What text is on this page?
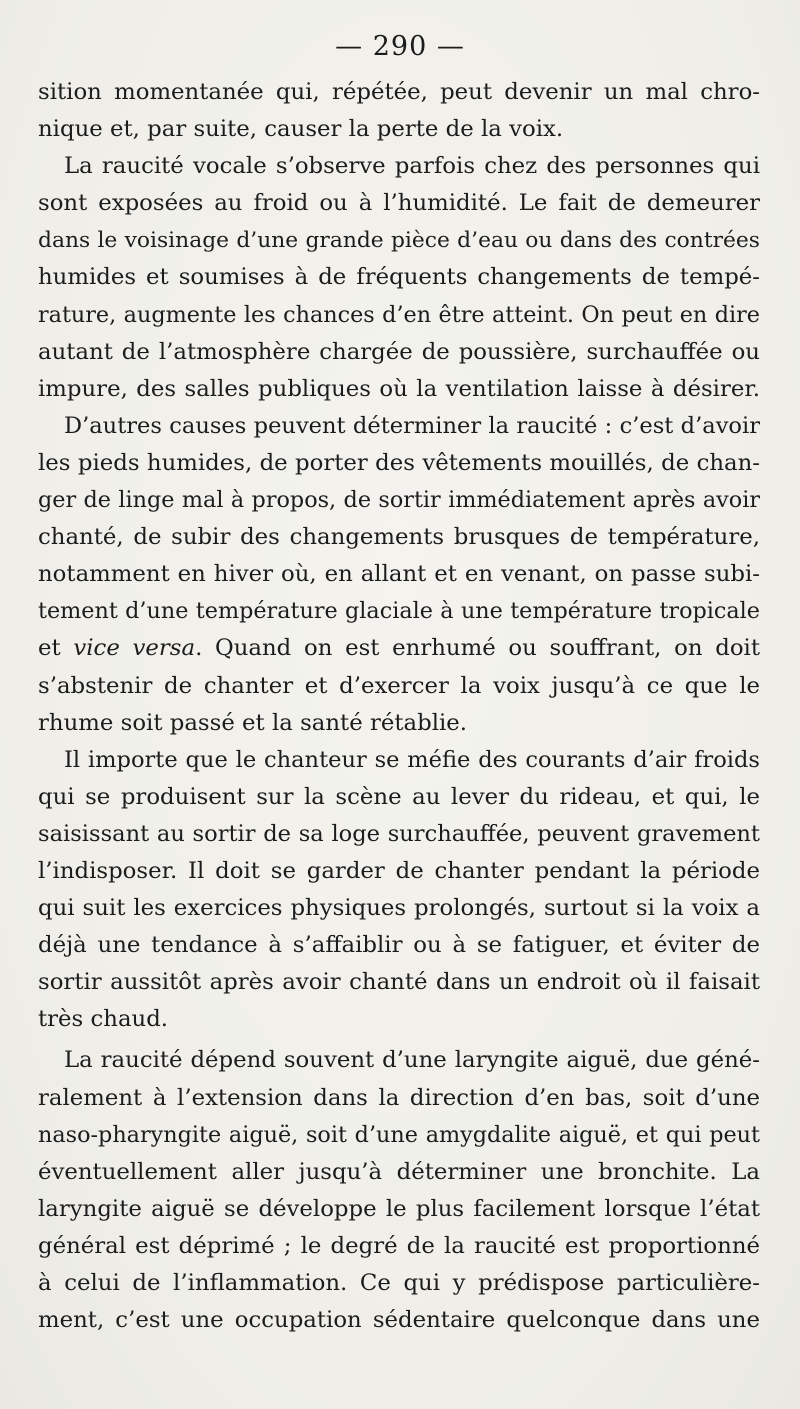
— 290 —
sition momentanée qui, répétée, peut devenir un mal chro-
nique et, par suite, causer la perte de la voix.
La raucité vocale s’observe parfois chez des personnes qui
sont exposées au froid ou à l’humidité. Le fait de demeurer
dans le voisinage d’une grande pièce d’eau ou dans des contrées
humides et soumises à de fréquents changements de tempé-
rature, augmente les chances d’en être atteint. On peut en dire
autant de l’atmosphère chargée de poussière, surchauffée ou
impure, des salles publiques où la ventilation laisse à désirer.
D’autres causes peuvent déterminer la raucité : c’est d’avoir
les pieds humides, de porter des vêtements mouillés, de chan-
ger de linge mal à propos, de sortir immédiatement après avoir
chanté, de subir des changements brusques de température,
notamment en hiver où, en allant et en venant, on passe subi-
tement d’une température glaciale à une température tropicale
et vice versa. Quand on est enrhumé ou souffrant, on doit
s’abstenir de chanter et d’exercer la voix jusqu’à ce que le
rhume soit passé et la santé rétablie.
Il importe que le chanteur se méfie des courants d’air froids
qui se produisent sur la scène au lever du rideau, et qui, le
saisissant au sortir de sa loge surchauffée, peuvent gravement
l’indisposer. Il doit se garder de chanter pendant la période
qui suit les exercices physiques prolongés, surtout si la voix a
déjà une tendance à s’affaiblir ou à se fatiguer, et éviter de
sortir aussitôt après avoir chanté dans un endroit où il faisait
très chaud.
La raucité dépend souvent d’une laryngite aiguë, due géné-
ralement à l’extension dans la direction d’en bas, soit d’une
naso-pharyngite aiguë, soit d’une amygdalite aiguë, et qui peut
éventuellement aller jusqu’à déterminer une bronchite. La
laryngite aiguë se développe le plus facilement lorsque l’état
général est déprimé ; le degré de la raucité est proportionné
à celui de l’inflammation. Ce qui y prédispose particulière-
ment, c’est une occupation sédentaire quelconque dans une
